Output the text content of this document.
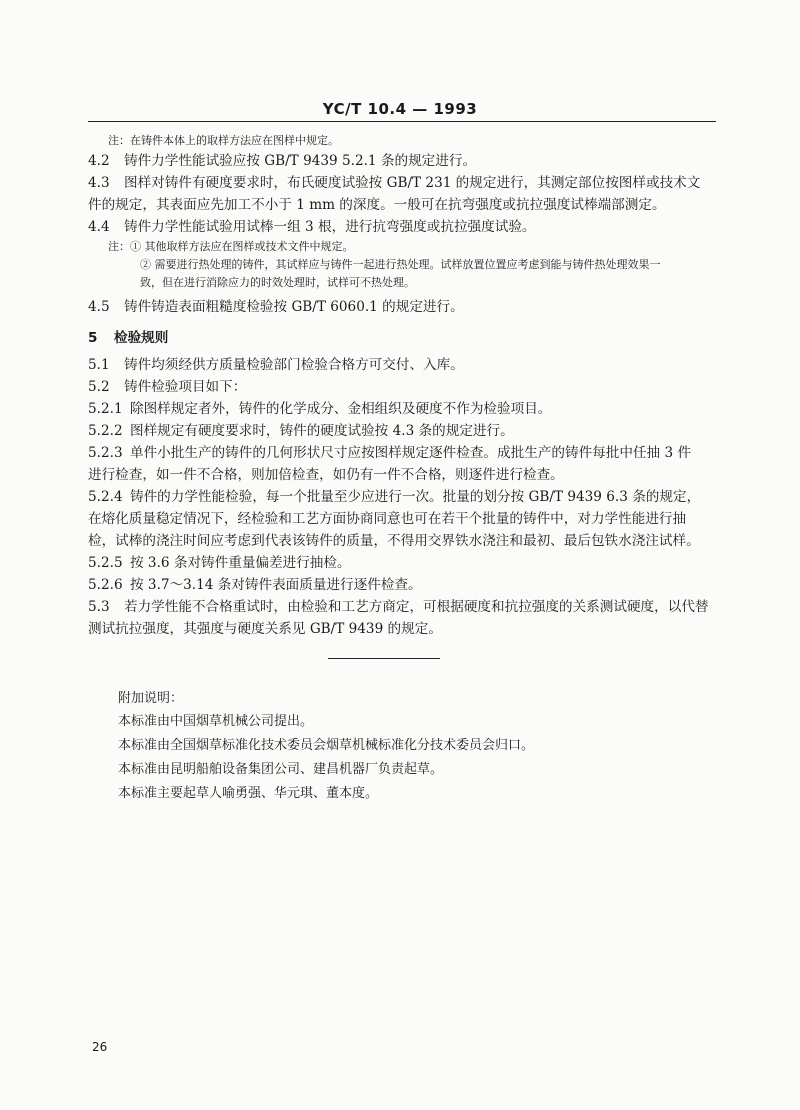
YC/T 10.4 — 1993
注：在铸件本体上的取样方法应在图样中规定。
4.2 铸件力学性能试验应按 GB/T 9439 5.2.1 条的规定进行。
4.3 图样对铸件有硬度要求时，布氏硬度试验按 GB/T 231 的规定进行，其测定部位按图样或技术文
件的规定，其表面应先加工不小于 1 mm 的深度。一般可在抗弯强度或抗拉强度试棒端部测定。
4.4 铸件力学性能试验用试棒一组 3 根，进行抗弯强度或抗拉强度试验。
注：① 其他取样方法应在图样或技术文件中规定。
② 需要进行热处理的铸件，其试样应与铸件一起进行热处理。试样放置位置应考虑到能与铸件热处理效果一
致，但在进行消除应力的时效处理时，试样可不热处理。
4.5 铸件铸造表面粗糙度检验按 GB/T 6060.1 的规定进行。
5 检验规则
5.1 铸件均须经供方质量检验部门检验合格方可交付、入库。
5.2 铸件检验项目如下：
5.2.1 除图样规定者外，铸件的化学成分、金相组织及硬度不作为检验项目。
5.2.2 图样规定有硬度要求时，铸件的硬度试验按 4.3 条的规定进行。
5.2.3 单件小批生产的铸件的几何形状尺寸应按图样规定逐件检查。成批生产的铸件每批中任抽 3 件
进行检查，如一件不合格，则加倍检查，如仍有一件不合格，则逐件进行检查。
5.2.4 铸件的力学性能检验，每一个批量至少应进行一次。批量的划分按 GB/T 9439 6.3 条的规定，
在熔化质量稳定情况下，经检验和工艺方面协商同意也可在若干个批量的铸件中，对力学性能进行抽
检，试棒的浇注时间应考虑到代表该铸件的质量，不得用交界铁水浇注和最初、最后包铁水浇注试样。
5.2.5 按 3.6 条对铸件重量偏差进行抽检。
5.2.6 按 3.7～3.14 条对铸件表面质量进行逐件检查。
5.3 若力学性能不合格重试时，由检验和工艺方商定，可根据硬度和抗拉强度的关系测试硬度，以代替
测试抗拉强度，其强度与硬度关系见 GB/T 9439 的规定。
附加说明：
本标准由中国烟草机械公司提出。
本标准由全国烟草标准化技术委员会烟草机械标准化分技术委员会归口。
本标准由昆明船舶设备集团公司、建昌机器厂负责起草。
本标准主要起草人喻勇强、华元琪、董本度。
26
